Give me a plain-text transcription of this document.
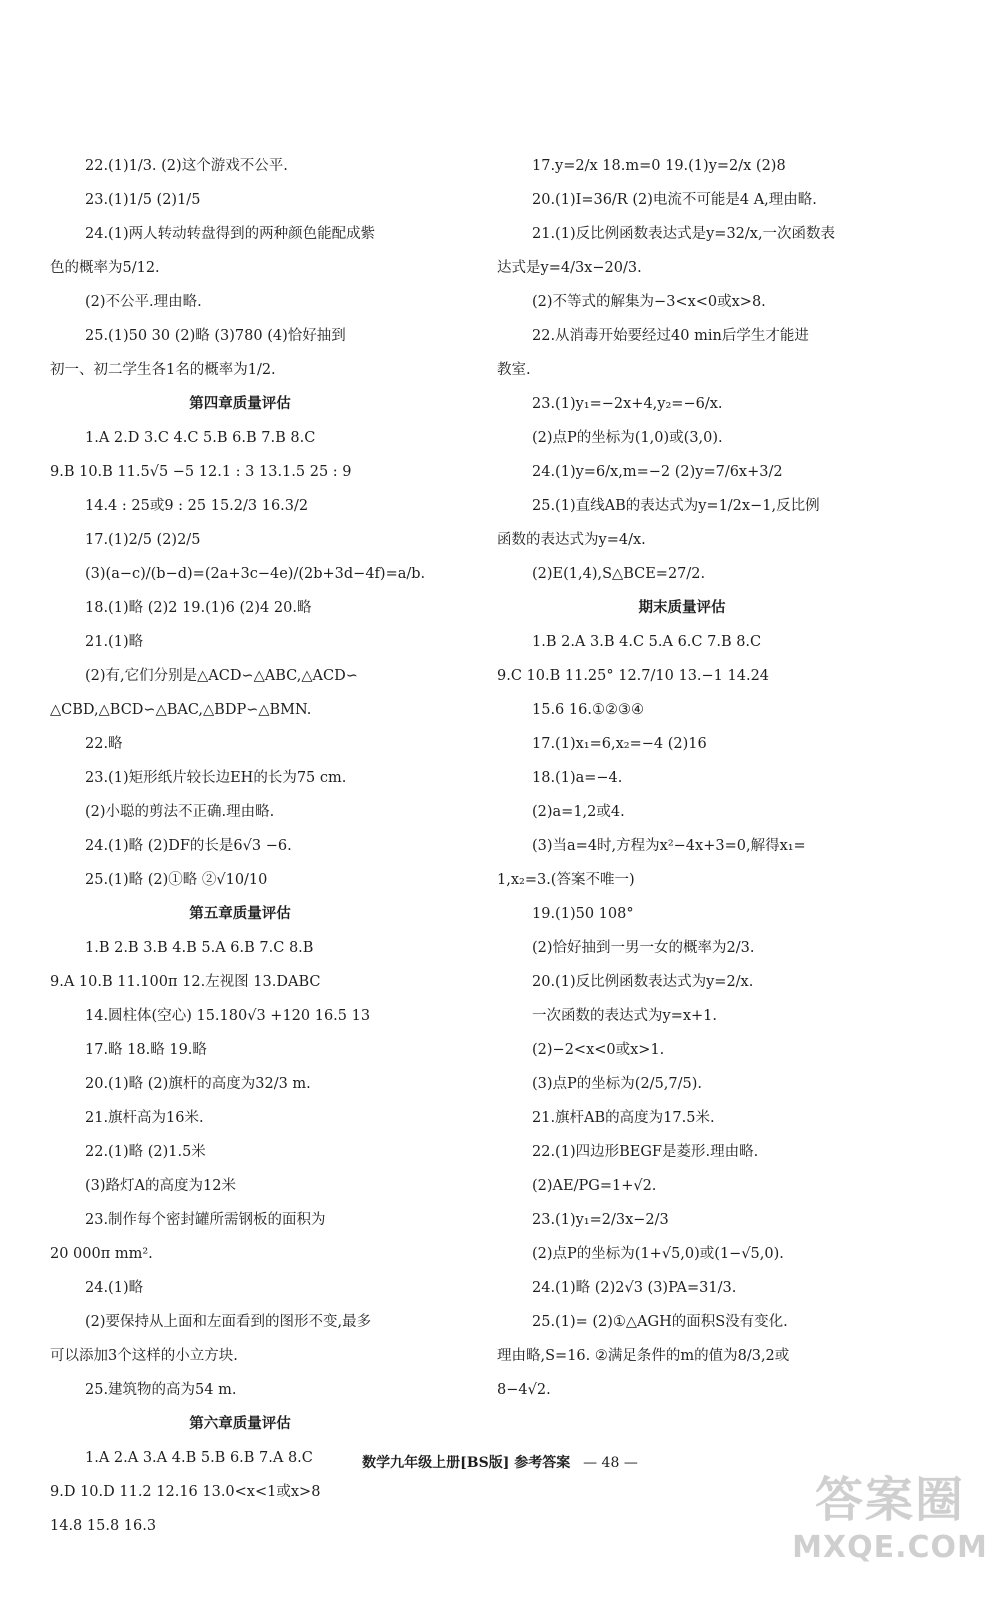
22.(1)1/3. (2)这个游戏不公平.
23.(1)1/5 (2)1/5
24.(1)两人转动转盘得到的两种颜色能配成紫
色的概率为5/12.
(2)不公平.理由略.
25.(1)50 30 (2)略 (3)780 (4)恰好抽到
初一、初二学生各1名的概率为1/2.
第四章质量评估
1.A 2.D 3.C 4.C 5.B 6.B 7.B 8.C
9.B 10.B 11.5√5 −5 12.1 : 3 13.1.5 25 : 9
14.4 : 25或9 : 25 15.2/3 16.3/2
17.(1)2/5 (2)2/5
(3)(a−c)/(b−d)=(2a+3c−4e)/(2b+3d−4f)=a/b.
18.(1)略 (2)2 19.(1)6 (2)4 20.略
21.(1)略
(2)有,它们分别是△ACD∽△ABC,△ACD∽
△CBD,△BCD∽△BAC,△BDP∽△BMN.
22.略
23.(1)矩形纸片较长边EH的长为75 cm.
(2)小聪的剪法不正确.理由略.
24.(1)略 (2)DF的长是6√3 −6.
25.(1)略 (2)①略 ②√10/10
第五章质量评估
1.B 2.B 3.B 4.B 5.A 6.B 7.C 8.B
9.A 10.B 11.100π 12.左视图 13.DABC
14.圆柱体(空心) 15.180√3 +120 16.5 13
17.略 18.略 19.略
20.(1)略 (2)旗杆的高度为32/3 m.
21.旗杆高为16米.
22.(1)略 (2)1.5米
(3)路灯A的高度为12米
23.制作每个密封罐所需钢板的面积为
20 000π mm².
24.(1)略
(2)要保持从上面和左面看到的图形不变,最多
可以添加3个这样的小立方块.
25.建筑物的高为54 m.
第六章质量评估
1.A 2.A 3.A 4.B 5.B 6.B 7.A 8.C
9.D 10.D 11.2 12.16 13.0<x<1或x>8
14.8 15.8 16.3
17.y=2/x 18.m=0 19.(1)y=2/x (2)8
20.(1)I=36/R (2)电流不可能是4 A,理由略.
21.(1)反比例函数表达式是y=32/x,一次函数表
达式是y=4/3x−20/3.
(2)不等式的解集为−3<x<0或x>8.
22.从消毒开始要经过40 min后学生才能进
教室.
23.(1)y₁=−2x+4,y₂=−6/x.
(2)点P的坐标为(1,0)或(3,0).
24.(1)y=6/x,m=−2 (2)y=7/6x+3/2
25.(1)直线AB的表达式为y=1/2x−1,反比例
函数的表达式为y=4/x.
(2)E(1,4),S△BCE=27/2.
期末质量评估
1.B 2.A 3.B 4.C 5.A 6.C 7.B 8.C
9.C 10.B 11.25° 12.7/10 13.−1 14.24
15.6 16.①②③④
17.(1)x₁=6,x₂=−4 (2)16
18.(1)a=−4.
(2)a=1,2或4.
(3)当a=4时,方程为x²−4x+3=0,解得x₁=
1,x₂=3.(答案不唯一)
19.(1)50 108°
(2)恰好抽到一男一女的概率为2/3.
20.(1)反比例函数表达式为y=2/x.
一次函数的表达式为y=x+1.
(2)−2<x<0或x>1.
(3)点P的坐标为(2/5,7/5).
21.旗杆AB的高度为17.5米.
22.(1)四边形BEGF是菱形.理由略.
(2)AE/PG=1+√2.
23.(1)y₁=2/3x−2/3
(2)点P的坐标为(1+√5,0)或(1−√5,0).
24.(1)略 (2)2√3 (3)PA=31/3.
25.(1)= (2)①△AGH的面积S没有变化.
理由略,S=16. ②满足条件的m的值为8/3,2或
8−4√2.
数学九年级上册[BS版] 参考答案 — 48 —
答案圈
MXQE.COM
